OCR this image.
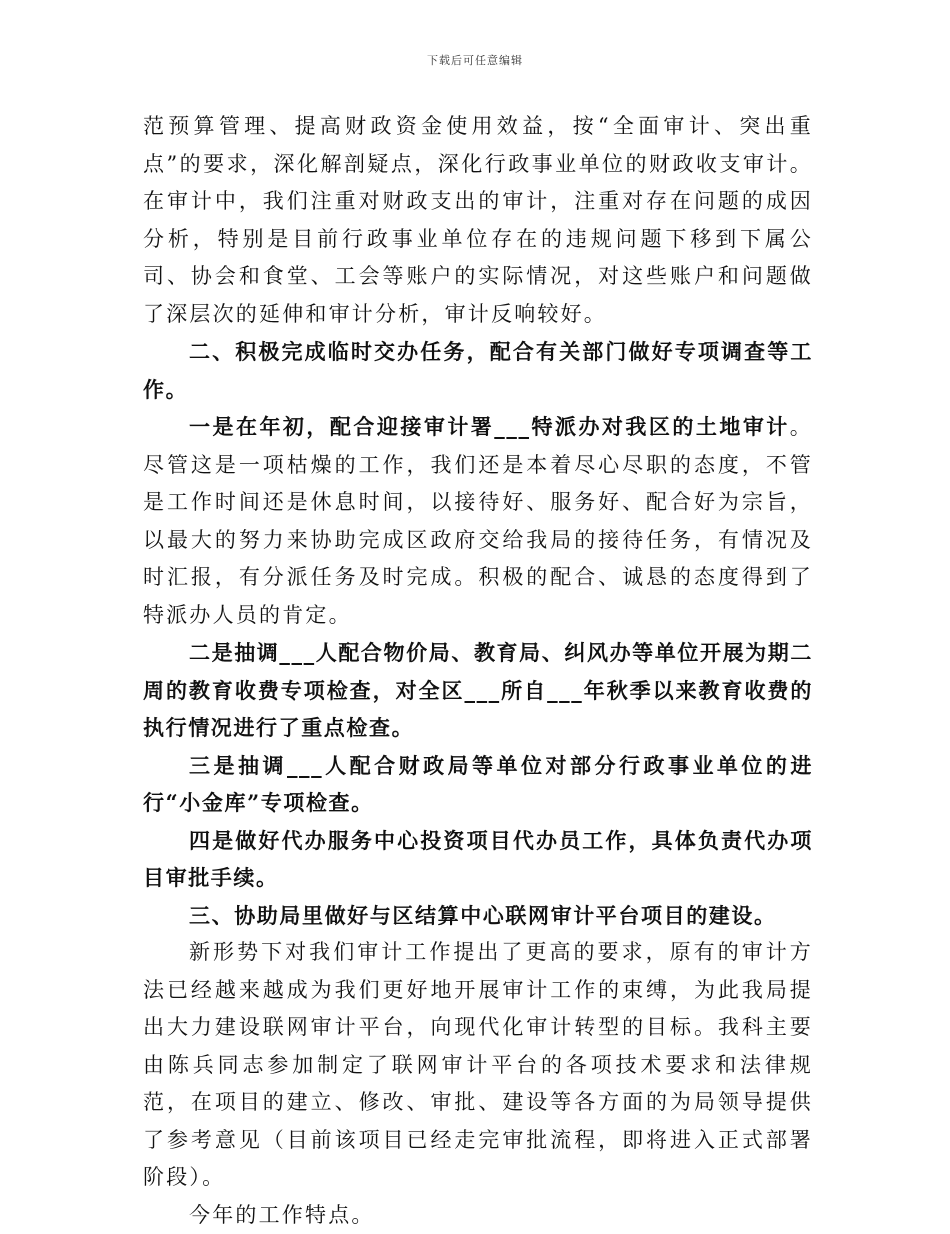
下载后可任意编辑

范预算管理、提高财政资金使用效益，按“全面审计、突出重点”的要求，深化解剖疑点，深化行政事业单位的财政收支审计。在审计中，我们注重对财政支出的审计，注重对存在问题的成因分析，特别是目前行政事业单位存在的违规问题下移到下属公司、协会和食堂、工会等账户的实际情况，对这些账户和问题做了深层次的延伸和审计分析，审计反响较好。

二、积极完成临时交办任务，配合有关部门做好专项调查等工作。

一是在年初，配合迎接审计署___特派办对我区的土地审计。尽管这是一项枯燥的工作，我们还是本着尽心尽职的态度，不管是工作时间还是休息时间，以接待好、服务好、配合好为宗旨，以最大的努力来协助完成区政府交给我局的接待任务，有情况及时汇报，有分派任务及时完成。积极的配合、诚恳的态度得到了特派办人员的肯定。

二是抽调___人配合物价局、教育局、纠风办等单位开展为期二周的教育收费专项检查，对全区___所自___年秋季以来教育收费的执行情况进行了重点检查。

三是抽调___人配合财政局等单位对部分行政事业单位的进行“小金库”专项检查。

四是做好代办服务中心投资项目代办员工作，具体负责代办项目审批手续。

三、协助局里做好与区结算中心联网审计平台项目的建设。

新形势下对我们审计工作提出了更高的要求，原有的审计方法已经越来越成为我们更好地开展审计工作的束缚，为此我局提出大力建设联网审计平台，向现代化审计转型的目标。我科主要由陈兵同志参加制定了联网审计平台的各项技术要求和法律规范，在项目的建立、修改、审批、建设等各方面的为局领导提供了参考意见（目前该项目已经走完审批流程，即将进入正式部署阶段）。

今年的工作特点。
